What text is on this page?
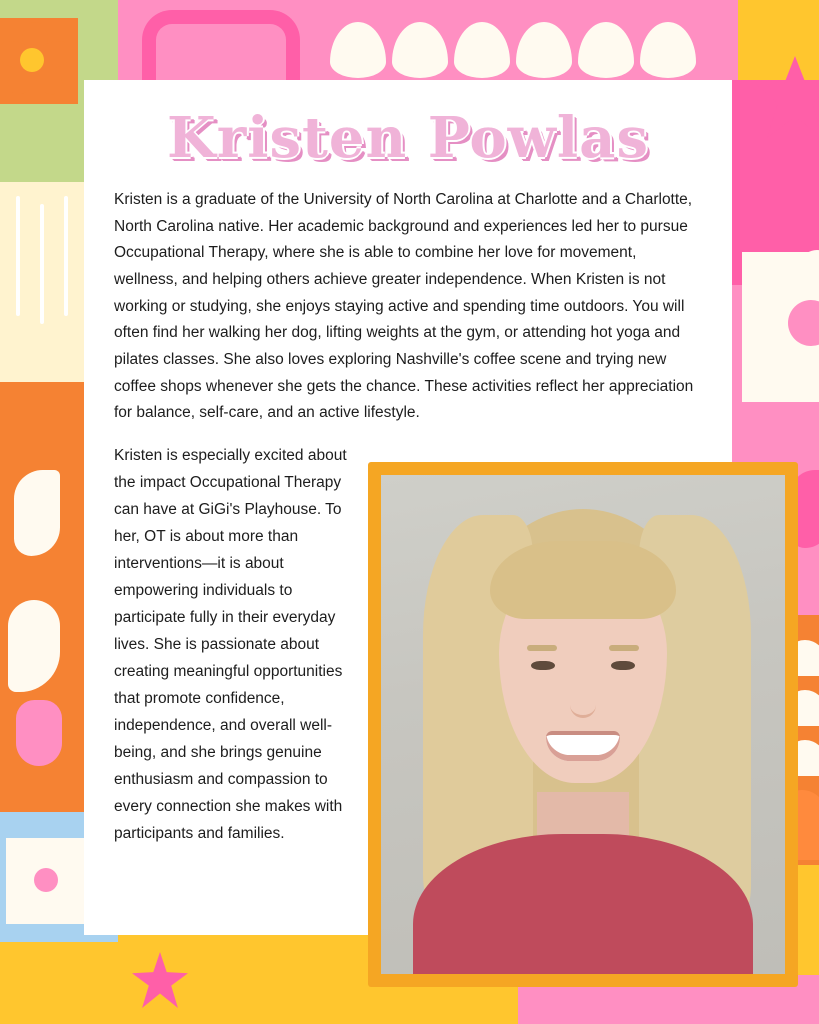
Kristen Powlas

Kristen is a graduate of the University of North Carolina at Charlotte and a Charlotte, North Carolina native. Her academic background and experiences led her to pursue Occupational Therapy, where she is able to combine her love for movement, wellness, and helping others achieve greater independence. When Kristen is not working or studying, she enjoys staying active and spending time outdoors. You will often find her walking her dog, lifting weights at the gym, or attending hot yoga and pilates classes. She also loves exploring Nashville's coffee scene and trying new coffee shops whenever she gets the chance. These activities reflect her appreciation for balance, self-care, and an active lifestyle.

Kristen is especially excited about the impact Occupational Therapy can have at GiGi's Playhouse. To her, OT is about more than interventions—it is about empowering individuals to participate fully in their everyday lives. She is passionate about creating meaningful opportunities that promote confidence, independence, and overall well-being, and she brings genuine enthusiasm and compassion to every connection she makes with participants and families.
